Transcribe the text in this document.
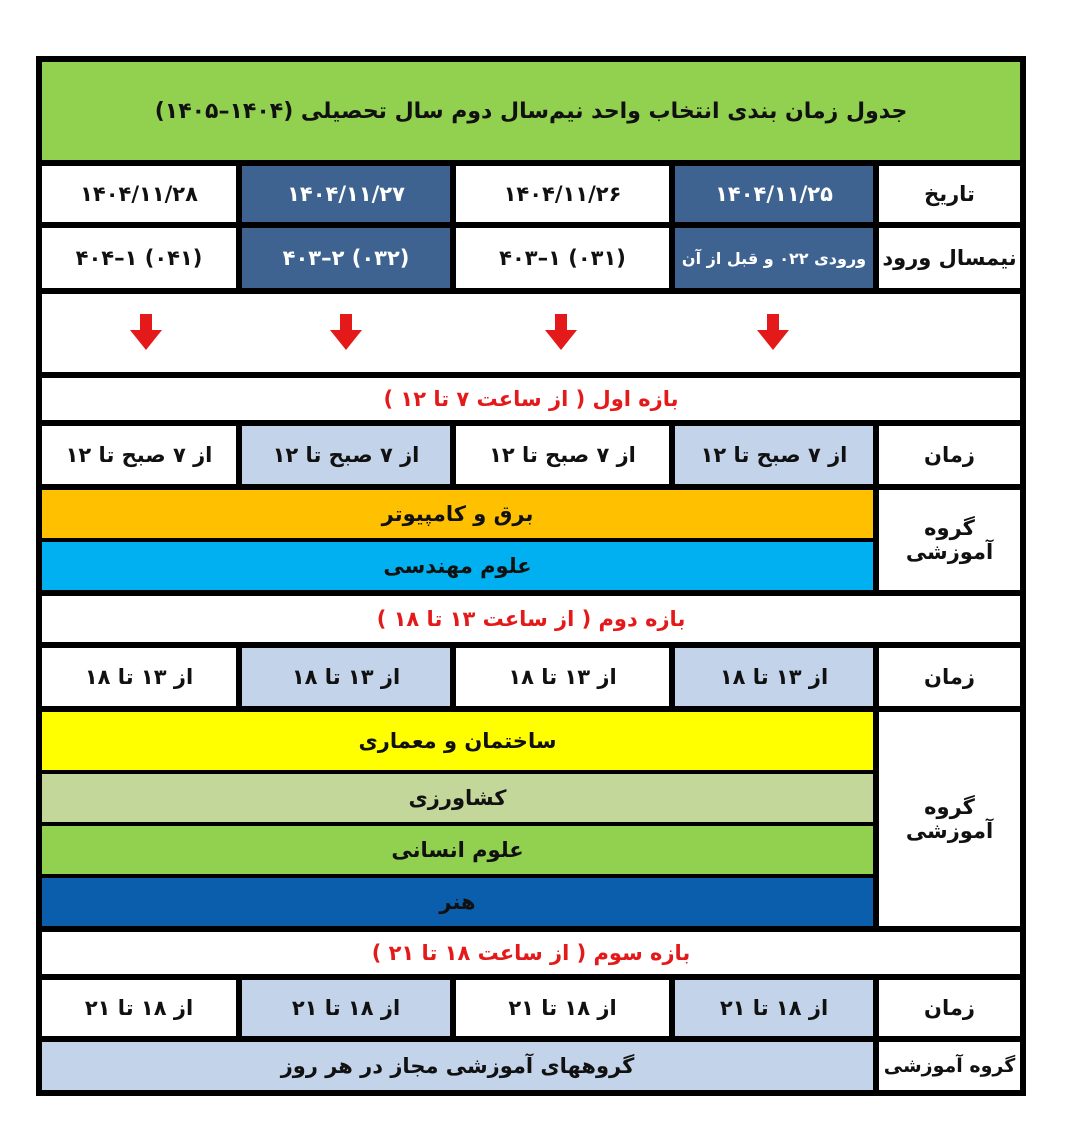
جدول زمان بندی انتخاب واحد نیم‌سال دوم سال تحصیلی (۱۴۰۴–۱۴۰۵)
تاریخ
۱۴۰۴/۱۱/۲۵
۱۴۰۴/۱۱/۲۶
۱۴۰۴/۱۱/۲۷
۱۴۰۴/۱۱/۲۸
نیمسال ورود
ورودی ۰۲۲ و قبل از آن
(۰۳۱) ۱–۴۰۳
(۰۳۲) ۲–۴۰۳
(۰۴۱) ۱–۴۰۴
بازه اول ( از ساعت ۷ تا ۱۲ )
زمان
از ۷ صبح تا ۱۲
از ۷ صبح تا ۱۲
از ۷ صبح تا ۱۲
از ۷ صبح تا ۱۲
گروه آموزشی
برق و کامپیوتر
علوم مهندسی
بازه دوم ( از ساعت ۱۳ تا ۱۸ )
زمان
از ۱۳ تا ۱۸
از ۱۳ تا ۱۸
از ۱۳ تا ۱۸
از ۱۳ تا ۱۸
گروه آموزشی
ساختمان و معماری
کشاورزی
علوم انسانی
هنر
بازه سوم ( از ساعت ۱۸ تا ۲۱ )
زمان
از ۱۸ تا ۲۱
از ۱۸ تا ۲۱
از ۱۸ تا ۲۱
از ۱۸ تا ۲۱
گروه آموزشی
گروههای آموزشی مجاز در هر روز
